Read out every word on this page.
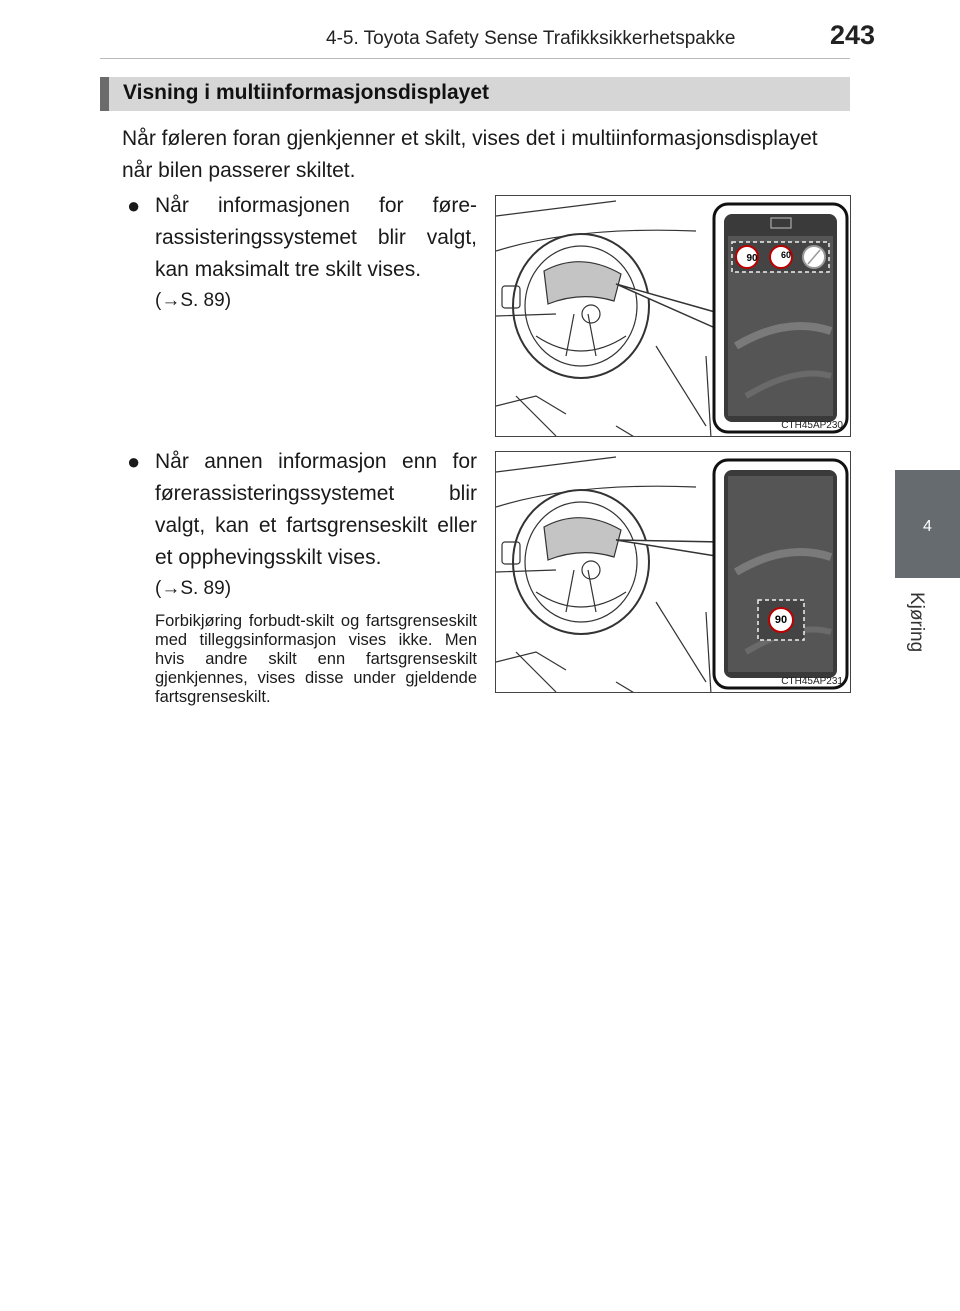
4-5. Toyota Safety Sense Trafikksikkerhetspakke	243
4
Kjøring
Visning i multiinformasjonsdisplayet
Når føleren foran gjenkjenner et skilt, vises det i multiinformasjonsdisplayet når bilen passerer skiltet.
● Når informasjonen for førerassisteringssystemet blir valgt, kan maksimalt tre skilt vises.
(→S. 89)
90	60
CTH45AP230
● Når annen informasjon enn for førerassisteringssystemet blir valgt, kan et fartsgrenseskilt eller et opphevingsskilt vises.
(→S. 89)
Forbikjøring forbudt-skilt og fartsgrenseskilt med tilleggsinformasjon vises ikke. Men hvis andre skilt enn fartsgrenseskilt gjenkjennes, vises disse under gjeldende fartsgrenseskilt.
90
CTH45AP231
